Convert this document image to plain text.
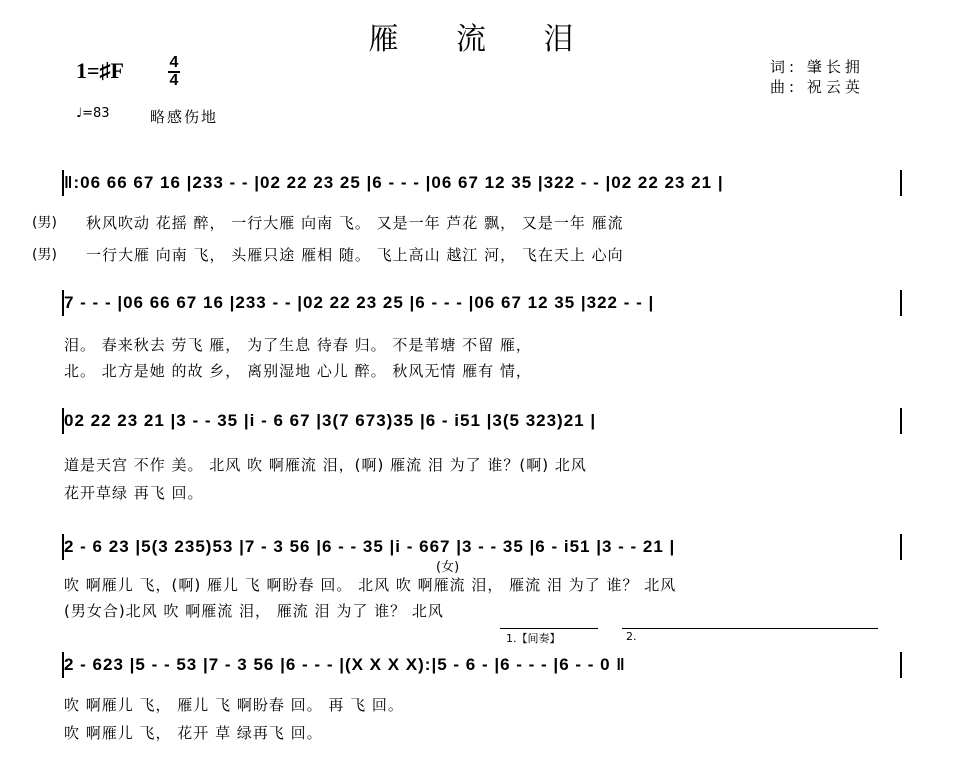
雁 流 泪
1=♯F	4
4
词: 肇长拥
曲: 祝云英
♩=83	略感伤地
‖:06 66 67 16 |233 - - |02 22 23 25 |6 - - - |06 67 12 35 |322 - - |02 22 23 21 |
(男) 秋风吹动 花摇 醉， 一行大雁 向南 飞。 又是一年 芦花 飘， 又是一年 雁流
(男) 一行大雁 向南 飞， 头雁只途 雁相 随。 飞上高山 越江 河， 飞在天上 心向
7 - - - |06 66 67 16 |233 - - |02 22 23 25 |6 - - - |06 67 12 35 |322 - - |
泪。 春来秋去 劳飞 雁， 为了生息 待春 归。 不是苇塘 不留 雁，
北。 北方是她 的故 乡， 离别湿地 心儿 醉。 秋风无情 雁有 情，
02 22 23 21 |3 - - 35 |i - 6 67 |3(7 673)35 |6 - i51 |3(5 323)21 |
道是天宫 不作 美。 北风 吹 啊雁流 泪，(啊) 雁流 泪 为了 谁？(啊) 北风
花开草绿 再飞 回。
2 - 6 23 |5(3 235)53 |7 - 3 56 |6 - - 35 |i - 667 |3 - - 35 |6 - i51 |3 - - 21 |
(女)
吹 啊雁儿 飞，(啊) 雁儿 飞 啊盼春 回。 北风 吹 啊雁流 泪， 雁流 泪 为了 谁？ 北风
(男女合)北风 吹 啊雁流 泪， 雁流 泪 为了 谁？ 北风
1.【间奏】	2.
2 - 623 |5 - - 53 |7 - 3 56 |6 - - - |(X X X X):|5 - 6 - |6 - - - |6 - - 0 ‖
吹 啊雁儿 飞， 雁儿 飞 啊盼春 回。 再 飞 回。
吹 啊雁儿 飞， 花开 草 绿再飞 回。
